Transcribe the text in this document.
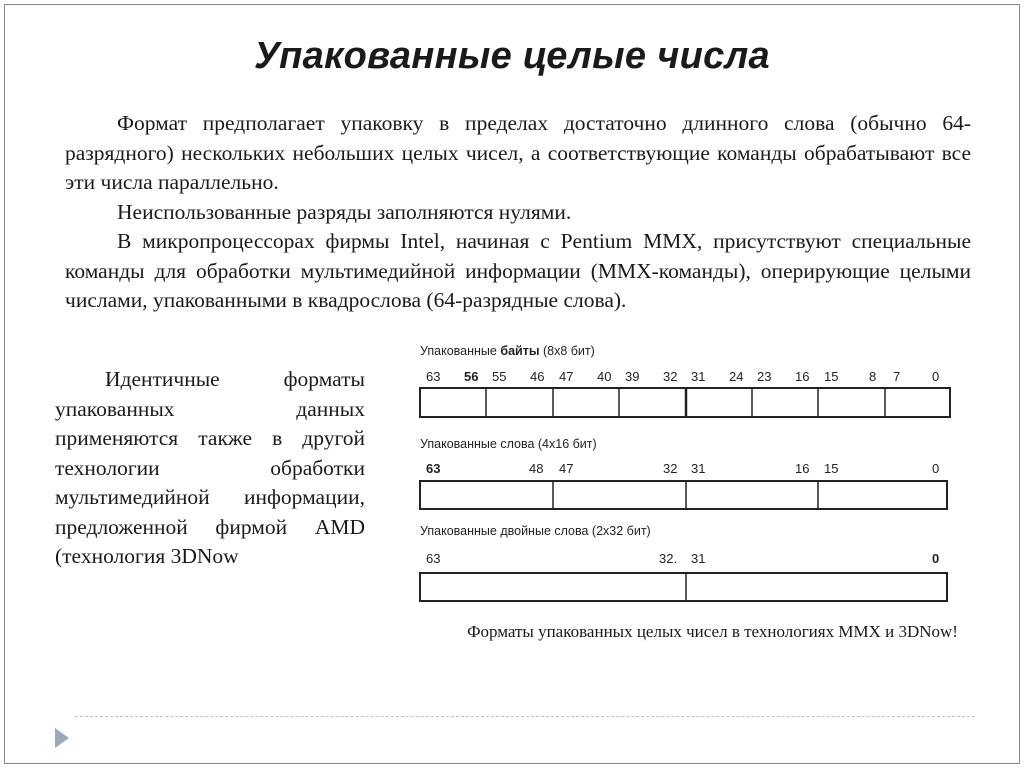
Упакованные целые числа

Формат предполагает упаковку в пределах достаточно длинного слова (обычно 64-разрядного) нескольких небольших целых чисел, а соответствующие команды обрабатывают все эти числа параллельно.

Неиспользованные разряды заполняются нулями.

В микропроцессорах фирмы Intel, начиная с Pentium MMX, присутствуют специальные команды для обработки мультимедийной информации (MMX-команды), оперирующие целыми числами, упакованными в квадрослова (64-разрядные слова).

Идентичные форматы упакованных данных применяются также в другой технологии обработки мультимедийной информации, предложенной фирмой AMD (технология 3DNow

Упакованные байты (8x8 бит)
63 56 55 46 47 40 39 32 31 24 23 16 15 8 7 0
Упакованные слова (4x16 бит)
63	48 47	32 31	16 15	0
Упакованные двойные слова (2x32 бит)
63	32. 31	0
Форматы упакованных целых чисел в технологиях MMX и 3DNow!
